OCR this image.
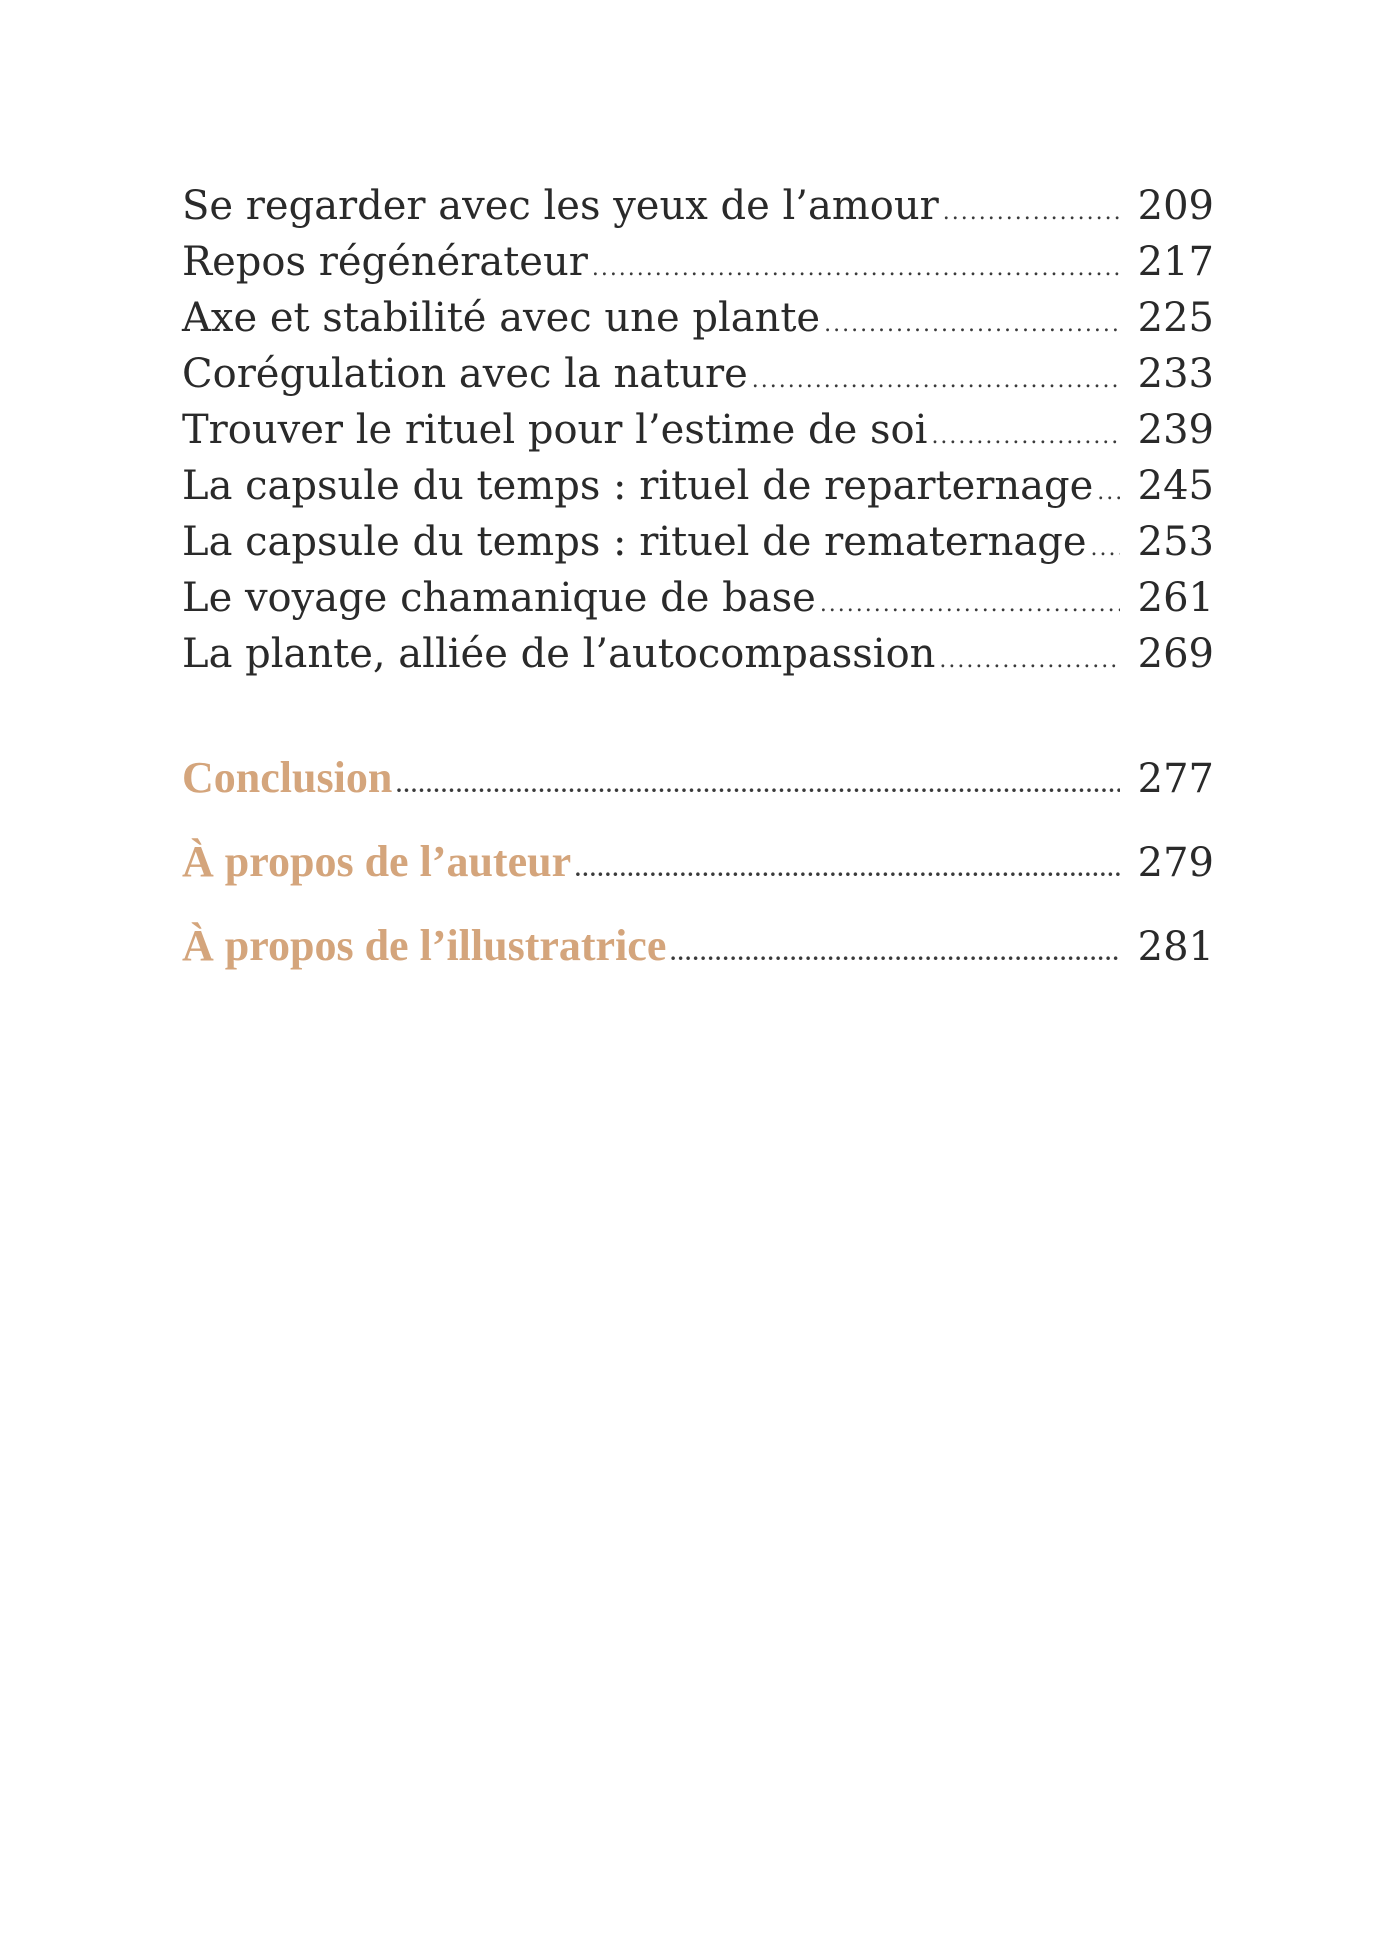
Se regarder avec les yeux de l’amour .....	209
Repos régénérateur .....	217
Axe et stabilité avec une plante .....	225
Corégulation avec la nature .....	233
Trouver le rituel pour l’estime de soi .....	239
La capsule du temps : rituel de reparternage ..... 245
La capsule du temps : rituel de rematernage ..... 253
Le voyage chamanique de base .....	261
La plante, alliée de l’autocompassion .....	269
Conclusion .....	277
À propos de l’auteur .....	279
À propos de l’illustratrice .....	281
